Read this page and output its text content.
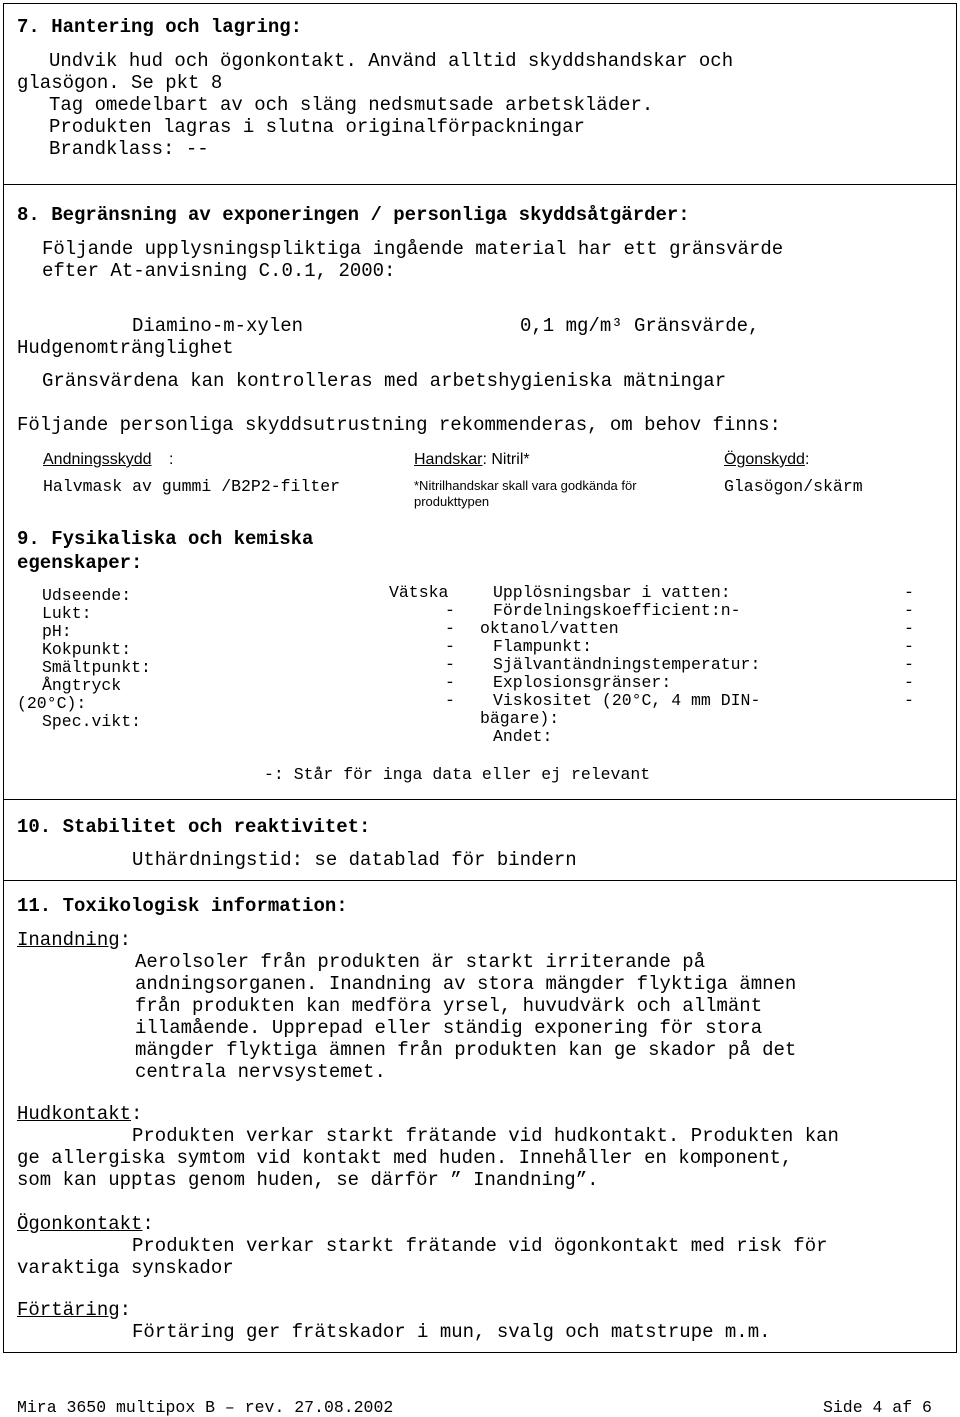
7. Hantering och lagring:
Undvik hud och ögonkontakt. Använd alltid skyddshandskar och
glasögon. Se pkt 8
Tag omedelbart av och släng nedsmutsade arbetskläder.
Produkten lagras i slutna originalförpackningar
Brandklass: --
8. Begränsning av exponeringen / personliga skyddsåtgärder:
Följande upplysningspliktiga ingående material har ett gränsvärde
efter At-anvisning C.0.1, 2000:
Diamino-m-xylen	0,1 mg/m³ Gränsvärde,
Hudgenomtränglighet
Gränsvärdena kan kontrolleras med arbetshygieniska mätningar
Följande personliga skyddsutrustning rekommenderas, om behov finns:
Andningsskydd :
Halvmask av gummi /B2P2-filter
Handskar: Nitril*
*Nitrilhandskar skall vara godkända för
produkttypen
Ögonskydd:
Glasögon/skärm
9. Fysikaliska och kemiska
egenskaper:
Udseende:
Lukt:
pH:
Kokpunkt:
Smältpunkt:
Ångtryck
(20°C):
Spec.vikt:
Vätska
-
-
-
-
-
-
Upplösningsbar i vatten:
Fördelningskoefficient:n-
oktanol/vatten
Flampunkt:
Självantändningstemperatur:
Explosionsgränser:
Viskositet (20°C, 4 mm DIN-
bägare):
Andet:
-
-
-
-
-
-
-
-: Står för inga data eller ej relevant
10. Stabilitet och reaktivitet:
Uthärdningstid: se datablad för bindern
11. Toxikologisk information:
Inandning:
Aerolsoler från produkten är starkt irriterande på
andningsorganen. Inandning av stora mängder flyktiga ämnen
från produkten kan medföra yrsel, huvudvärk och allmänt
illamående. Upprepad eller ständig exponering för stora
mängder flyktiga ämnen från produkten kan ge skador på det
centrala nervsystemet.
Hudkontakt:
Produkten verkar starkt frätande vid hudkontakt. Produkten kan
ge allergiska symtom vid kontakt med huden. Innehåller en komponent,
som kan upptas genom huden, se därför ” Inandning”.
Ögonkontakt:
Produkten verkar starkt frätande vid ögonkontakt med risk för
varaktiga synskador
Förtäring:
Förtäring ger frätskador i mun, svalg och matstrupe m.m.
Mira 3650 multipox B – rev. 27.08.2002	Side 4 af 6
